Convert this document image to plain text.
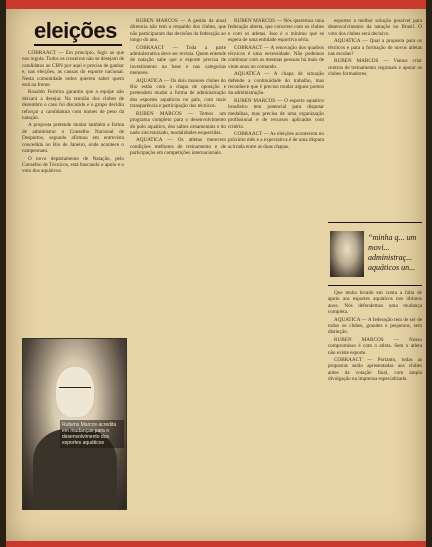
eleições

COBRAACT — Em princípio, fugir ao que nos regula. Todos os cruzeiros não se desejam de candidatos ao CBN por aqui e precisa de ganhar e, nas eleições, as causas do esporte nacional. Nesta comunidade todos querem saber quem está na frente.

Rosaldo Ferreira garantiu que a equipe não deixará a desejar. Na reunião dos clubes de dezembro o caso foi discutido e o grupo decidiu reforçar a candidatura com nomes de peso da natação.

A proposta pretende mudar também a forma de administrar o Conselho Nacional de Desportos, segundo afirmou em entrevista concedida no Rio de Janeiro, onde acontece o campeonato.

O novo departamento de Natação, pelo Conselho de Técnicos, está buscando o apoio e o voto dos aquáticos.

Rubens Marcos acredita em mudanças para o desenvolvimento dos esportes aquáticos

RUBEN MARCOS — A gestão da atual diretoria não tem o respaldo dos clubes, que não participaram das decisões da federação ao longo do ano.

COBRAACT — Toda a parte administrativa deve ser revista. Quem entende de natação sabe que o esporte precisa de investimento na base e nas categorias menores.

AQUATICA — Os dois maiores clubes do Rio estão com a chapa de oposição e pretendem mudar a forma de administração dos esportes aquáticos no país, com mais transparência e participação dos técnicos.

RUBEN MARCOS — Temos um programa completo para o desenvolvimento do polo aquático, dos saltos ornamentais e do nado sincronizado, modalidades esquecidas.

AQUATICA — Os atletas merecem condições melhores de treinamento e de participação em competições internacionais.

RUBEN MARCOS — Nós queremos uma federação aberta, que converse com os clubes e com os atletas. Isso é o mínimo que se espera de uma entidade esportiva séria.

COBRAACT — A renovação dos quadros técnicos é uma necessidade. Não podemos continuar com as mesmas pessoas há mais de vinte anos no comando.

AQUATICA — A chapa de situação defende a continuidade do trabalho, mas reconhece que é preciso mudar alguns pontos da administração.

RUBEN MARCOS — O esporte aquático brasileiro tem potencial para disputar medalhas, mas precisa de uma organização profissional e de recursos aplicados com critério.

COBRAACT — As eleições acontecem no próximo mês e a expectativa é de uma disputa acirrada entre as duas chapas.

esportes a melhor solução possível para desenvolvimento da natação no Brasil. O voto dos clubes será decisivo.

AQUATICA — Qual a proposta para os técnicos e para a formação de novos atletas nas escolas?

RUBEN MARCOS — Vamos criar centros de treinamento regionais e apoiar os clubes formadores.

“minha q... um movi... administraç... aquáticos un...

Que tenha levado em conta a falta de apoio aos esportes aquáticos nos últimos anos. Nós defendemos uma mudança completa.

AQUATICA — A federação tem de ser de todos os clubes, grandes e pequenos, sem distinção.

RUBEN MARCOS — Nosso compromisso é com o atleta. Sem o atleta não existe esporte.

COBRAACT — Portanto, todas as propostas serão apresentadas aos clubes antes da votação final, com ampla divulgação na imprensa especializada.
